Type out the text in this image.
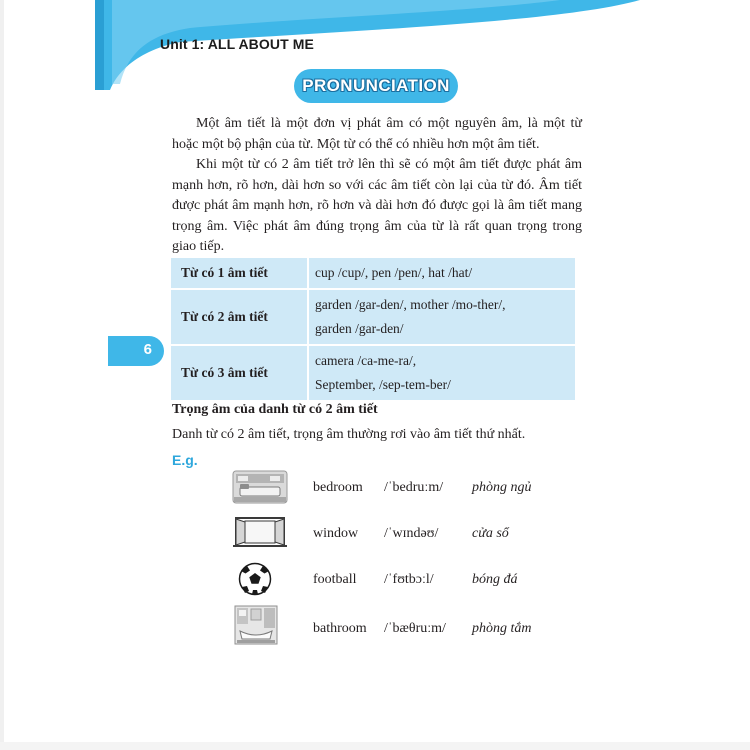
Unit 1: ALL ABOUT ME
PRONUNCIATION

Một âm tiết là một đơn vị phát âm có một nguyên âm, là một từ hoặc một bộ phận của từ. Một từ có thể có nhiều hơn một âm tiết.

Khi một từ có 2 âm tiết trở lên thì sẽ có một âm tiết được phát âm mạnh hơn, rõ hơn, dài hơn so với các âm tiết còn lại của từ đó. Âm tiết được phát âm mạnh hơn, rõ hơn và dài hơn đó được gọi là âm tiết mang trọng âm. Việc phát âm đúng trọng âm của từ là rất quan trọng trong giao tiếp.

Từ có 1 âm tiết	cup /cup/, pen /pen/, hat /hat/
Từ có 2 âm tiết	garden /gar-den/, mother /mo-ther/,
garden /gar-den/
Từ có 3 âm tiết	camera /ca-me-ra/,
September, /sep-tem-ber/
6

Trọng âm của danh từ có 2 âm tiết

Danh từ có 2 âm tiết, trọng âm thường rơi vào âm tiết thứ nhất.

E.g.
bedroom /ˈbedruːm/ phòng ngủ
window /ˈwɪndəʊ/ cửa sổ
football /ˈfʊtbɔːl/	bóng đá
bathroom /ˈbæθruːm/ phòng tắm
